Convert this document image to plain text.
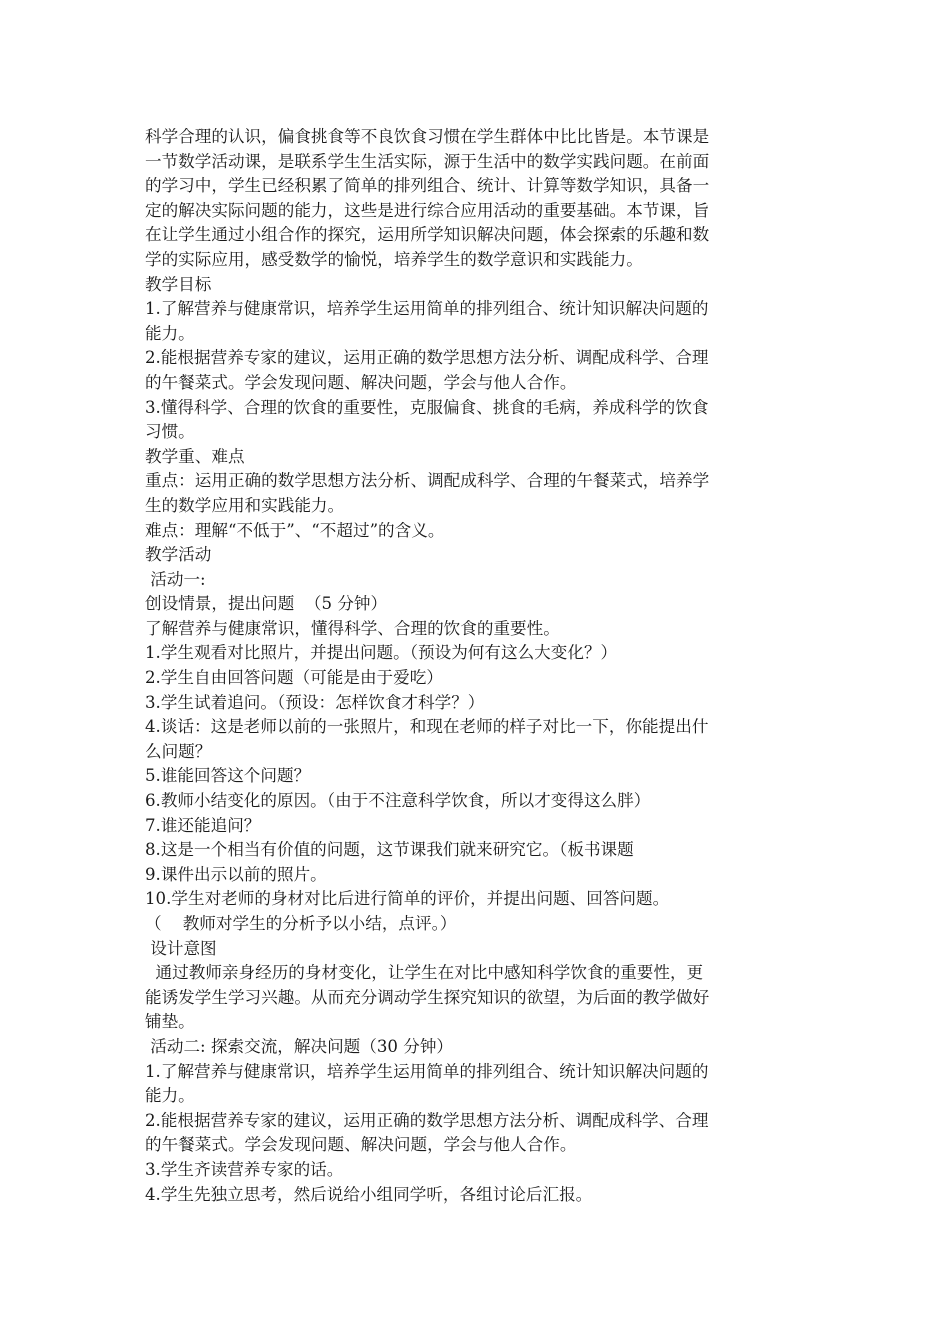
科学合理的认识，偏食挑食等不良饮食习惯在学生群体中比比皆是。本节课是
一节数学活动课，是联系学生生活实际，源于生活中的数学实践问题。在前面
的学习中，学生已经积累了简单的排列组合、统计、计算等数学知识，具备一
定的解决实际问题的能力，这些是进行综合应用活动的重要基础。本节课，旨
在让学生通过小组合作的探究，运用所学知识解决问题，体会探索的乐趣和数
学的实际应用，感受数学的愉悦，培养学生的数学意识和实践能力。
教学目标
1.了解营养与健康常识，培养学生运用简单的排列组合、统计知识解决问题的
能力。
2.能根据营养专家的建议，运用正确的数学思想方法分析、调配成科学、合理
的午餐菜式。学会发现问题、解决问题，学会与他人合作。
3.懂得科学、合理的饮食的重要性，克服偏食、挑食的毛病，养成科学的饮食
习惯。
教学重、难点
重点：运用正确的数学思想方法分析、调配成科学、合理的午餐菜式，培养学
生的数学应用和实践能力。
难点：理解“不低于”、“不超过”的含义。
教学活动
活动一:
创设情景，提出问题  （5 分钟）
了解营养与健康常识，懂得科学、合理的饮食的重要性。
1.学生观看对比照片，并提出问题。（预设为何有这么大变化？）
2.学生自由回答问题（可能是由于爱吃）
3.学生试着追问。（预设：怎样饮食才科学？）
4.谈话：这是老师以前的一张照片，和现在老师的样子对比一下，你能提出什
么问题？
5.谁能回答这个问题？
6.教师小结变化的原因。（由于不注意科学饮食，所以才变得这么胖）
7.谁还能追问？
8.这是一个相当有价值的问题，这节课我们就来研究它。（板书课题
9.课件出示以前的照片。
10.学生对老师的身材对比后进行简单的评价，并提出问题、回答问题。
（    教师对学生的分析予以小结，点评。）
设计意图
通过教师亲身经历的身材变化，让学生在对比中感知科学饮食的重要性，更
能诱发学生学习兴趣。从而充分调动学生探究知识的欲望，为后面的教学做好
铺垫。
活动二: 探索交流，解决问题（30 分钟）
1.了解营养与健康常识，培养学生运用简单的排列组合、统计知识解决问题的
能力。
2.能根据营养专家的建议，运用正确的数学思想方法分析、调配成科学、合理
的午餐菜式。学会发现问题、解决问题，学会与他人合作。
3.学生齐读营养专家的话。
4.学生先独立思考，然后说给小组同学听，各组讨论后汇报。
